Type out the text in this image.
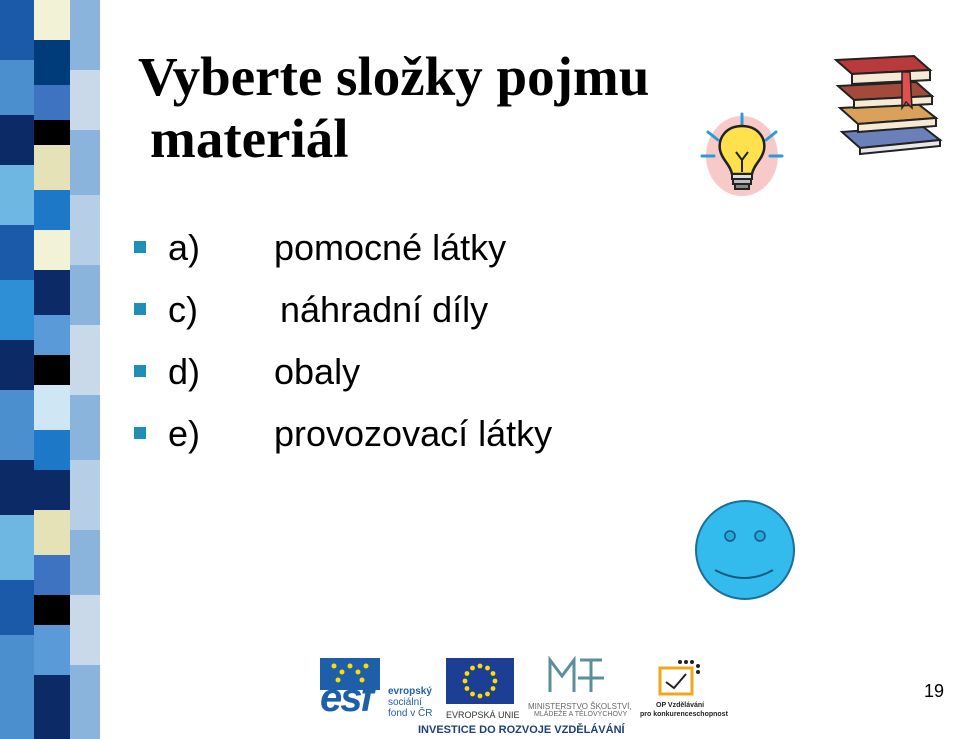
Vyberte složky pojmu
materiál
a) pomocné látky
c) náhradní díly
d) obaly
e) provozovací látky
esf evropský
sociální
fond v ČR EVROPSKÁ UNIE
MINISTERSTVO ŠKOLSTVÍ,
MLÁDEŽE A TĚLOVÝCHOVY
OP Vzdělávání
pro konkurenceschopnost
INVESTICE DO ROZVOJE VZDĚLÁVÁNÍ
19
